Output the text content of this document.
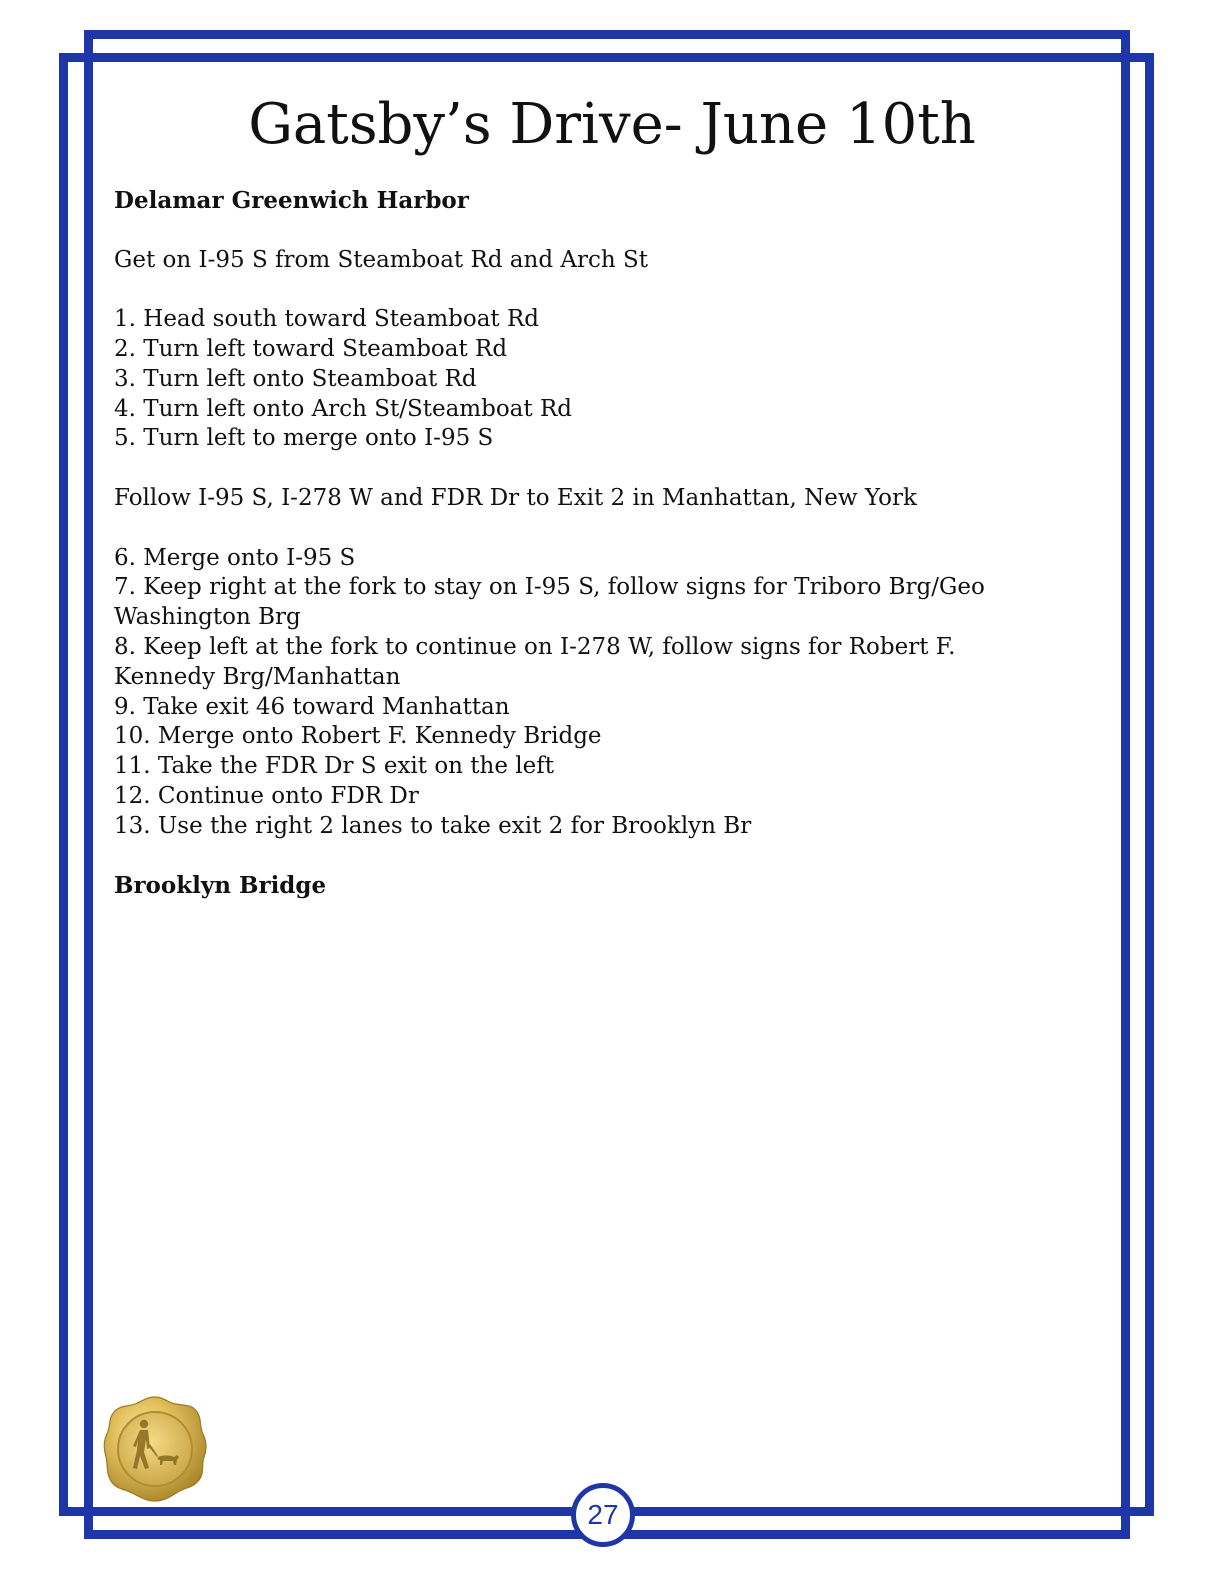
Gatsby’s Drive- June 10th

Delamar Greenwich Harbor

Get on I-95 S from Steamboat Rd and Arch St

1. Head south toward Steamboat Rd

2. Turn left toward Steamboat Rd

3. Turn left onto Steamboat Rd

4. Turn left onto Arch St/Steamboat Rd

5. Turn left to merge onto I-95 S

Follow I-95 S, I-278 W and FDR Dr to Exit 2 in Manhattan, New York

6. Merge onto I-95 S

7. Keep right at the fork to stay on I-95 S, follow signs for Triboro Brg/Geo Washington Brg

8. Keep left at the fork to continue on I-278 W, follow signs for Robert F. Kennedy Brg/Manhattan

9. Take exit 46 toward Manhattan

10. Merge onto Robert F. Kennedy Bridge

11. Take the FDR Dr S exit on the left

12. Continue onto FDR Dr

13. Use the right 2 lanes to take exit 2 for Brooklyn Br

Brooklyn Bridge

27
